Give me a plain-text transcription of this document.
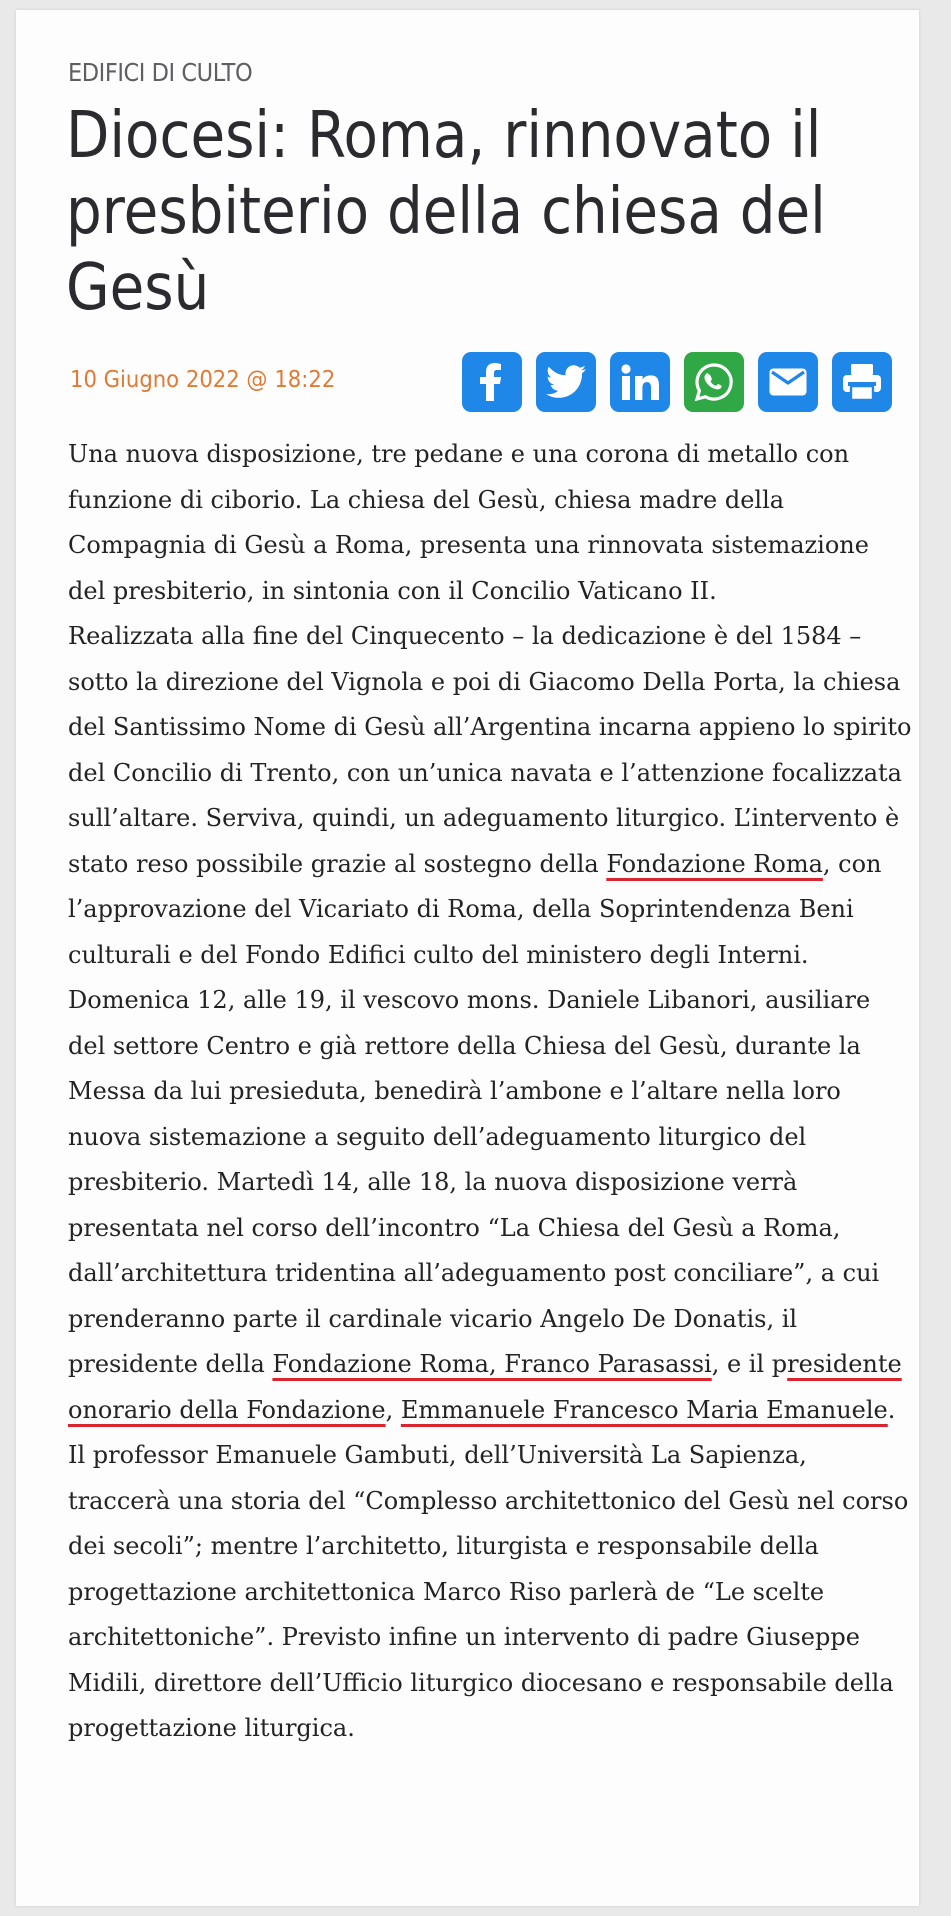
EDIFICI DI CULTO
Diocesi: Roma, rinnovato il presbiterio della chiesa del Gesù
10 Giugno 2022 @ 18:22

Una nuova disposizione, tre pedane e una corona di metallo con funzione di ciborio. La chiesa del Gesù, chiesa madre della Compagnia di Gesù a Roma, presenta una rinnovata sistemazione del presbiterio, in sintonia con il Concilio Vaticano II.

Realizzata alla fine del Cinquecento – la dedicazione è del 1584 – sotto la direzione del Vignola e poi di Giacomo Della Porta, la chiesa del Santissimo Nome di Gesù all’Argentina incarna appieno lo spirito del Concilio di Trento, con un’unica navata e l’attenzione focalizzata sull’altare. Serviva, quindi, un adeguamento liturgico. L’intervento è stato reso possibile grazie al sostegno della Fondazione Roma, con l’approvazione del Vicariato di Roma, della Soprintendenza Beni culturali e del Fondo Edifici culto del ministero degli Interni.

Domenica 12, alle 19, il vescovo mons. Daniele Libanori, ausiliare del settore Centro e già rettore della Chiesa del Gesù, durante la Messa da lui presieduta, benedirà l’ambone e l’altare nella loro nuova sistemazione a seguito dell’adeguamento liturgico del presbiterio. Martedì 14, alle 18, la nuova disposizione verrà presentata nel corso dell’incontro “La Chiesa del Gesù a Roma, dall’architettura tridentina all’adeguamento post conciliare”, a cui prenderanno parte il cardinale vicario Angelo De Donatis, il presidente della Fondazione Roma, Franco Parasassi, e il presidente onorario della Fondazione, Emmanuele Francesco Maria Emanuele. Il professor Emanuele Gambuti, dell’Università La Sapienza, traccerà una storia del “Complesso architettonico del Gesù nel corso dei secoli”; mentre l’architetto, liturgista e responsabile della progettazione architettonica Marco Riso parlerà de “Le scelte architettoniche”. Previsto infine un intervento di padre Giuseppe Midili, direttore dell’Ufficio liturgico diocesano e responsabile della progettazione liturgica.
